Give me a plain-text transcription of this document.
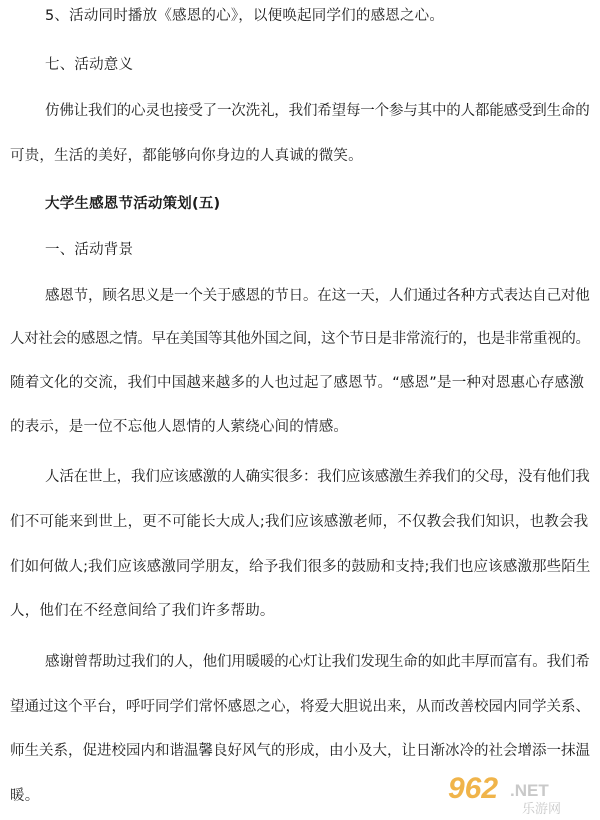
5、活动同时播放《感恩的心》，以便唤起同学们的感恩之心。
七、活动意义
仿佛让我们的心灵也接受了一次洗礼，我们希望每一个参与其中的人都能感受到生命的
可贵，生活的美好，都能够向你身边的人真诚的微笑。
大学生感恩节活动策划(五)
一、活动背景
感恩节，顾名思义是一个关于感恩的节日。在这一天，人们通过各种方式表达自己对他
人对社会的感恩之情。早在美国等其他外国之间，这个节日是非常流行的，也是非常重视的。
随着文化的交流，我们中国越来越多的人也过起了感恩节。“感恩”是一种对恩惠心存感激
的表示，是一位不忘他人恩情的人萦绕心间的情感。
人活在世上，我们应该感激的人确实很多：我们应该感激生养我们的父母，没有他们我
们不可能来到世上，更不可能长大成人;我们应该感激老师，不仅教会我们知识，也教会我
们如何做人;我们应该感激同学朋友，给予我们很多的鼓励和支持;我们也应该感激那些陌生
人，他们在不经意间给了我们许多帮助。
感谢曾帮助过我们的人，他们用暖暖的心灯让我们发现生命的如此丰厚而富有。我们希
望通过这个平台，呼吁同学们常怀感恩之心，将爱大胆说出来，从而改善校园内同学关系、
师生关系，促进校园内和谐温馨良好风气的形成，由小及大，让日渐冰冷的社会增添一抹温
暖。	962 .NET
乐游网
